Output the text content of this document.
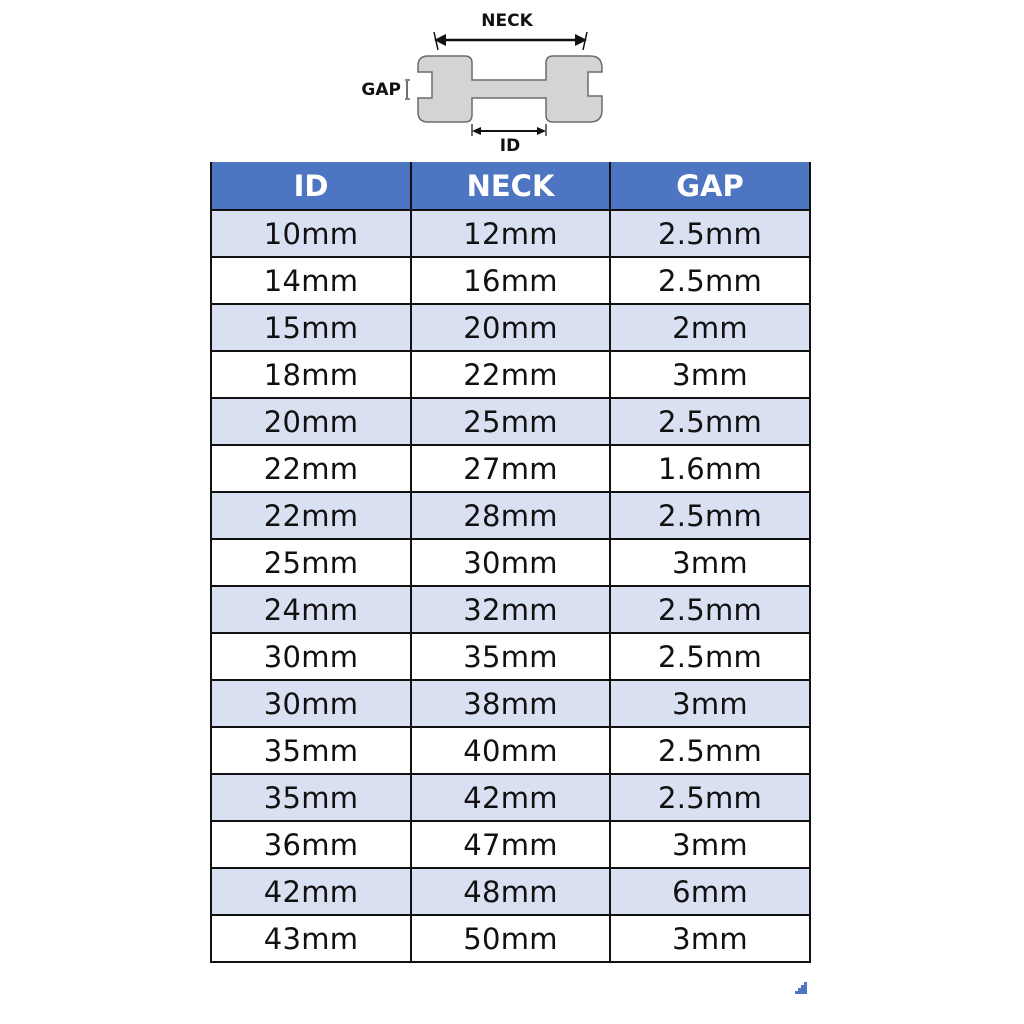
NECK
GAP
ID
ID	NECK	GAP
10mm	12mm	2.5mm
14mm	16mm	2.5mm
15mm	20mm	2mm
18mm	22mm	3mm
20mm	25mm	2.5mm
22mm	27mm	1.6mm
22mm	28mm	2.5mm
25mm	30mm	3mm
24mm	32mm	2.5mm
30mm	35mm	2.5mm
30mm	38mm	3mm
35mm	40mm	2.5mm
35mm	42mm	2.5mm
36mm	47mm	3mm
42mm	48mm	6mm
43mm	50mm	3mm
